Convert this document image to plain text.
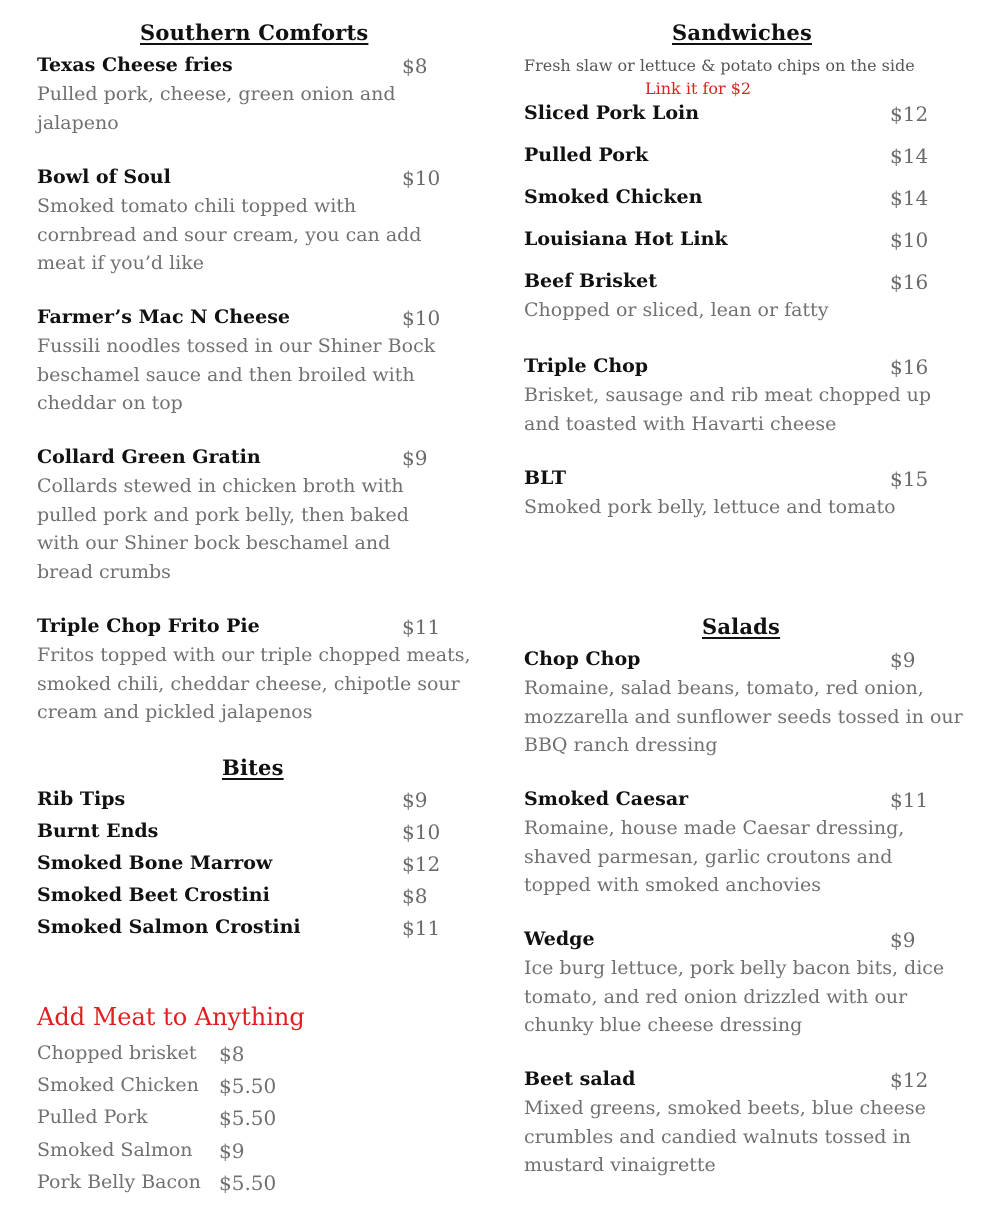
Southern Comforts
Texas Cheese fries	$8
Pulled pork, cheese, green onion and jalapeno
Bowl of Soul	$10
Smoked tomato chili topped with cornbread and sour cream, you can add meat if you’d like
Farmer’s Mac N Cheese	$10
Fussili noodles tossed in our Shiner Bock beschamel sauce and then broiled with cheddar on top
Collard Green Gratin	$9
Collards stewed in chicken broth with pulled pork and pork belly, then baked with our Shiner bock beschamel and bread crumbs
Triple Chop Frito Pie	$11
Fritos topped with our triple chopped meats, smoked chili, cheddar cheese, chipotle sour cream and pickled jalapenos
Bites
Rib Tips	$9
Burnt Ends	$10
Smoked Bone Marrow	$12
Smoked Beet Crostini	$8
Smoked Salmon Crostini	$11
Add Meat to Anything
Chopped brisket $8
Smoked Chicken $5.50
Pulled Pork	$5.50
Smoked Salmon $9
Pork Belly Bacon $5.50
Sandwiches
Fresh slaw or lettuce & potato chips on the side
Link it for $2
Sliced Pork Loin	$12
Pulled Pork	$14
Smoked Chicken	$14
Louisiana Hot Link	$10
Beef Brisket	$16
Chopped or sliced, lean or fatty
Triple Chop	$16
Brisket, sausage and rib meat chopped up and toasted with Havarti cheese
BLT	$15
Smoked pork belly, lettuce and tomato
Salads
Chop Chop	$9
Romaine, salad beans, tomato, red onion, mozzarella and sunflower seeds tossed in our BBQ ranch dressing
Smoked Caesar	$11
Romaine, house made Caesar dressing, shaved parmesan, garlic croutons and topped with smoked anchovies
Wedge	$9
Ice burg lettuce, pork belly bacon bits, dice tomato, and red onion drizzled with our chunky blue cheese dressing
Beet salad	$12
Mixed greens, smoked beets, blue cheese crumbles and candied walnuts tossed in mustard vinaigrette
